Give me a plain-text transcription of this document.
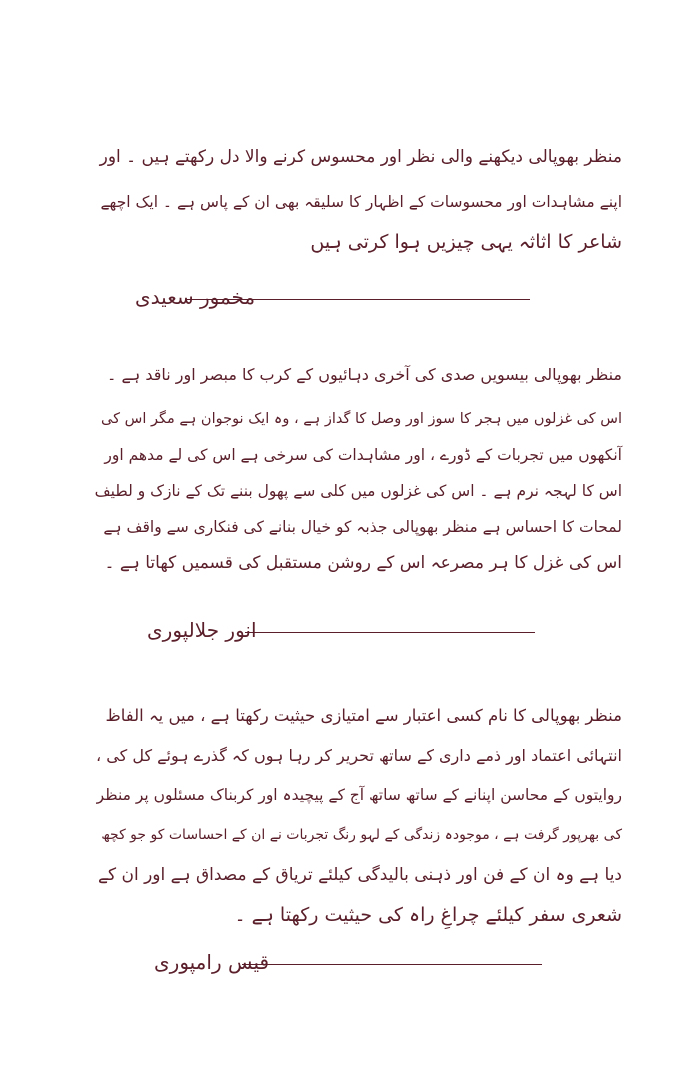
منظر بھوپالی دیکھنے والی نظر اور محسوس کرنے والا دل رکھتے ہیں ۔ اور
اپنے مشاہدات اور محسوسات کے اظہار کا سلیقہ بھی ان کے پاس ہے ۔ ایک اچھے
شاعر کا اثاثہ یہی چیزیں ہوا کرتی ہیں
مخمور سعیدی
منظر بھوپالی بیسویں صدی کی آخری دہائیوں کے کرب کا مبصر اور ناقد ہے ۔
اس کی غزلوں میں ہجر کا سوز اور وصل کا گداز ہے ، وہ ایک نوجوان ہے مگر اس کی
آنکھوں میں تجربات کے ڈورے ، اور مشاہدات کی سرخی ہے اس کی لے مدھم اور
اس کا لہجہ نرم ہے ۔ اس کی غزلوں میں کلی سے پھول بننے تک کے نازک و لطیف
لمحات کا احساس ہے منظر بھوپالی جذبہ کو خیال بنانے کی فنکاری سے واقف ہے
اس کی غزل کا ہر مصرعہ اس کے روشن مستقبل کی قسمیں کھاتا ہے ۔
انور جلالپوری
منظر بھوپالی کا نام کسی اعتبار سے امتیازی حیثیت رکھتا ہے ، میں یہ الفاظ
انتہائی اعتماد اور ذمے داری کے ساتھ تحریر کر رہا ہوں کہ گذرے ہوئے کل کی ،
روایتوں کے محاسن اپنانے کے ساتھ ساتھ آج کے پیچیدہ اور کربناک مسئلوں پر منظر
کی بھرپور گرفت ہے ، موجودہ زندگی کے لہو رنگ تجربات نے ان کے احساسات کو جو کچھ
دیا ہے وہ ان کے فن اور ذہنی بالیدگی کیلئے تریاق کے مصداق ہے اور ان کے
شعری سفر کیلئے چراغِ راہ کی حیثیت رکھتا ہے ۔
قیس رامپوری
